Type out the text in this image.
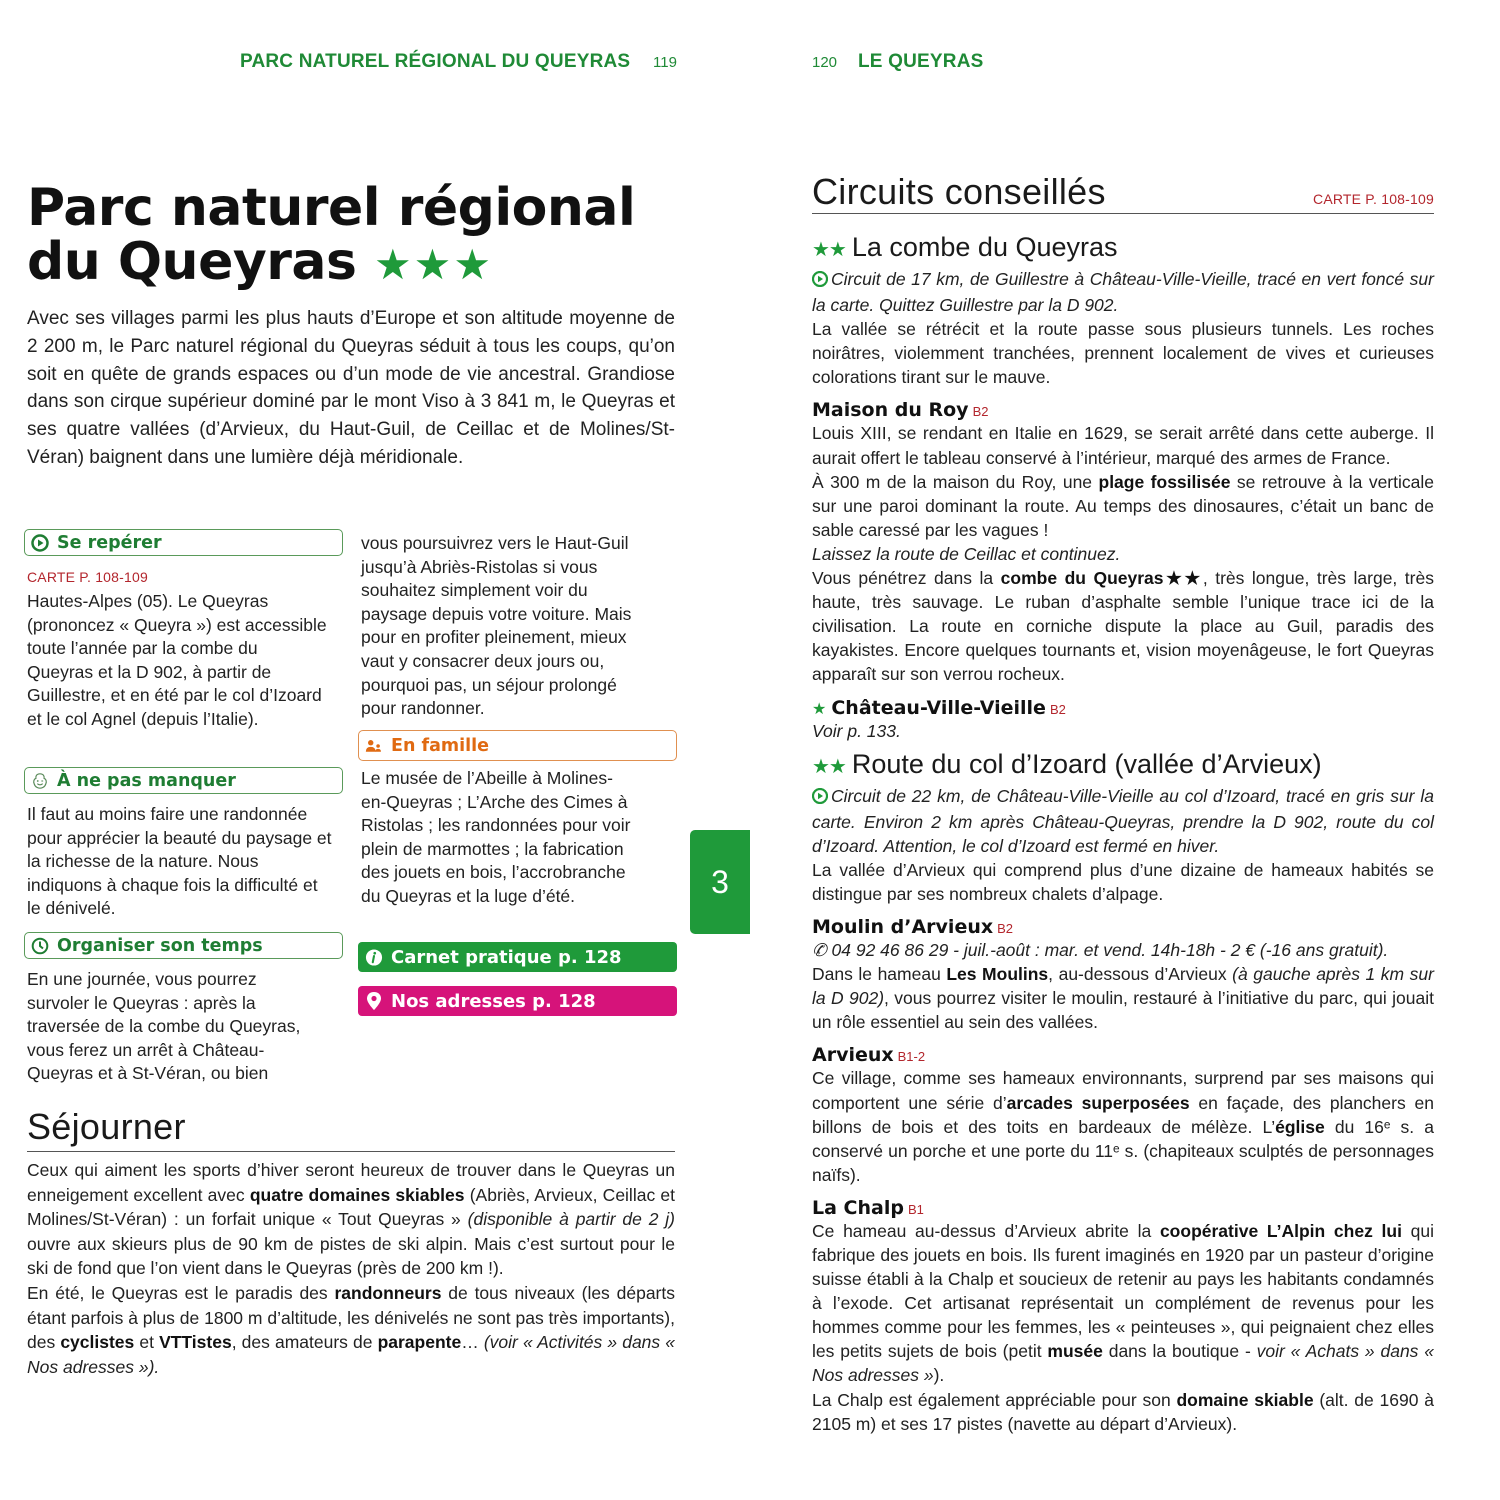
PARC NATUREL RÉGIONAL DU QUEYRAS 119	120 LE QUEYRAS
Parc naturel régional
du Queyras ★★★
Avec ses villages parmi les plus hauts d’Europe et son altitude moyenne de 2 200 m, le Parc naturel régional du Queyras séduit à tous les coups, qu’on soit en quête de grands espaces ou d’un mode de vie ancestral. Grandiose dans son cirque supérieur dominé par le mont Viso à 3 841 m, le Queyras et ses quatre vallées (d’Arvieux, du Haut-Guil, de Ceillac et de Molines/St-Véran) baignent dans une lumière déjà méridionale.
Se repérer
CARTE P. 108-109
Hautes-Alpes (05). Le Queyras (prononcez « Queyra ») est accessible toute l’année par la combe du Queyras et la D 902, à partir de Guillestre, et en été par le col d’Izoard et le col Agnel (depuis l’Italie).
À ne pas manquer
Il faut au moins faire une randonnée pour apprécier la beauté du paysage et la richesse de la nature. Nous indiquons à chaque fois la difficulté et le dénivelé.
Organiser son temps
En une journée, vous pourrez survoler le Queyras : après la traversée de la combe du Queyras, vous ferez un arrêt à Château-Queyras et à St-Véran, ou bien
vous poursuivrez vers le Haut-Guil jusqu’à Abriès-Ristolas si vous souhaitez simplement voir du paysage depuis votre voiture. Mais pour en profiter pleinement, mieux vaut y consacrer deux jours ou, pourquoi pas, un séjour prolongé pour randonner.
En famille
Le musée de l’Abeille à Molines-en-Queyras ; L’Arche des Cimes à Ristolas ; les randonnées pour voir plein de marmottes ; la fabrication des jouets en bois, l’accrobranche du Queyras et la luge d’été.
Carnet pratique p. 128
Nos adresses p. 128
3
Séjourner
Ceux qui aiment les sports d’hiver seront heureux de trouver dans le Queyras un enneigement excellent avec quatre domaines skiables (Abriès, Arvieux, Ceillac et Molines/St-Véran) : un forfait unique « Tout Queyras » (disponible à partir de 2 j) ouvre aux skieurs plus de 90 km de pistes de ski alpin. Mais c’est surtout pour le ski de fond que l’on vient dans le Queyras (près de 200 km !).
En été, le Queyras est le paradis des randonneurs de tous niveaux (les départs étant parfois à plus de 1800 m d’altitude, les dénivelés ne sont pas très importants), des cyclistes et VTTistes, des amateurs de parapente… (voir « Activités » dans « Nos adresses »).
Circuits conseillés	CARTE P. 108-109
★★ La combe du Queyras
Circuit de 17 km, de Guillestre à Château-Ville-Vieille, tracé en vert foncé sur la carte. Quittez Guillestre par la D 902.
La vallée se rétrécit et la route passe sous plusieurs tunnels. Les roches noirâtres, violemment tranchées, prennent localement de vives et curieuses colorations tirant sur le mauve.
Maison du Roy B2
Louis XIII, se rendant en Italie en 1629, se serait arrêté dans cette auberge. Il aurait offert le tableau conservé à l’intérieur, marqué des armes de France.
À 300 m de la maison du Roy, une plage fossilisée se retrouve à la verticale sur une paroi dominant la route. Au temps des dinosaures, c’était un banc de sable caressé par les vagues !
Laissez la route de Ceillac et continuez.
Vous pénétrez dans la combe du Queyras★★, très longue, très large, très haute, très sauvage. Le ruban d’asphalte semble l’unique trace ici de la civilisation. La route en corniche dispute la place au Guil, paradis des kayakistes. Encore quelques tournants et, vision moyenâgeuse, le fort Queyras apparaît sur son verrou rocheux.
★ Château-Ville-Vieille B2
Voir p. 133.
★★ Route du col d’Izoard (vallée d’Arvieux)
Circuit de 22 km, de Château-Ville-Vieille au col d’Izoard, tracé en gris sur la carte. Environ 2 km après Château-Queyras, prendre la D 902, route du col d’Izoard. Attention, le col d’Izoard est fermé en hiver.
La vallée d’Arvieux qui comprend plus d’une dizaine de hameaux habités se distingue par ses nombreux chalets d’alpage.
Moulin d’Arvieux B2
✆ 04 92 46 86 29 - juil.-août : mar. et vend. 14h-18h - 2 € (-16 ans gratuit).
Dans le hameau Les Moulins, au-dessous d’Arvieux (à gauche après 1 km sur la D 902), vous pourrez visiter le moulin, restauré à l’initiative du parc, qui jouait un rôle essentiel au sein des vallées.
Arvieux B1-2
Ce village, comme ses hameaux environnants, surprend par ses maisons qui comportent une série d’arcades superposées en façade, des planchers en billons de bois et des toits en bardeaux de mélèze. L’église du 16ᵉ s. a conservé un porche et une porte du 11ᵉ s. (chapiteaux sculptés de personnages naïfs).
La Chalp B1
Ce hameau au-dessus d’Arvieux abrite la coopérative L’Alpin chez lui qui fabrique des jouets en bois. Ils furent imaginés en 1920 par un pasteur d’origine suisse établi à la Chalp et soucieux de retenir au pays les habitants condamnés à l’exode. Cet artisanat représentait un complément de revenus pour les hommes comme pour les femmes, les « peinteuses », qui peignaient chez elles les petits sujets de bois (petit musée dans la boutique - voir « Achats » dans « Nos adresses »).
La Chalp est également appréciable pour son domaine skiable (alt. de 1690 à 2105 m) et ses 17 pistes (navette au départ d’Arvieux).
